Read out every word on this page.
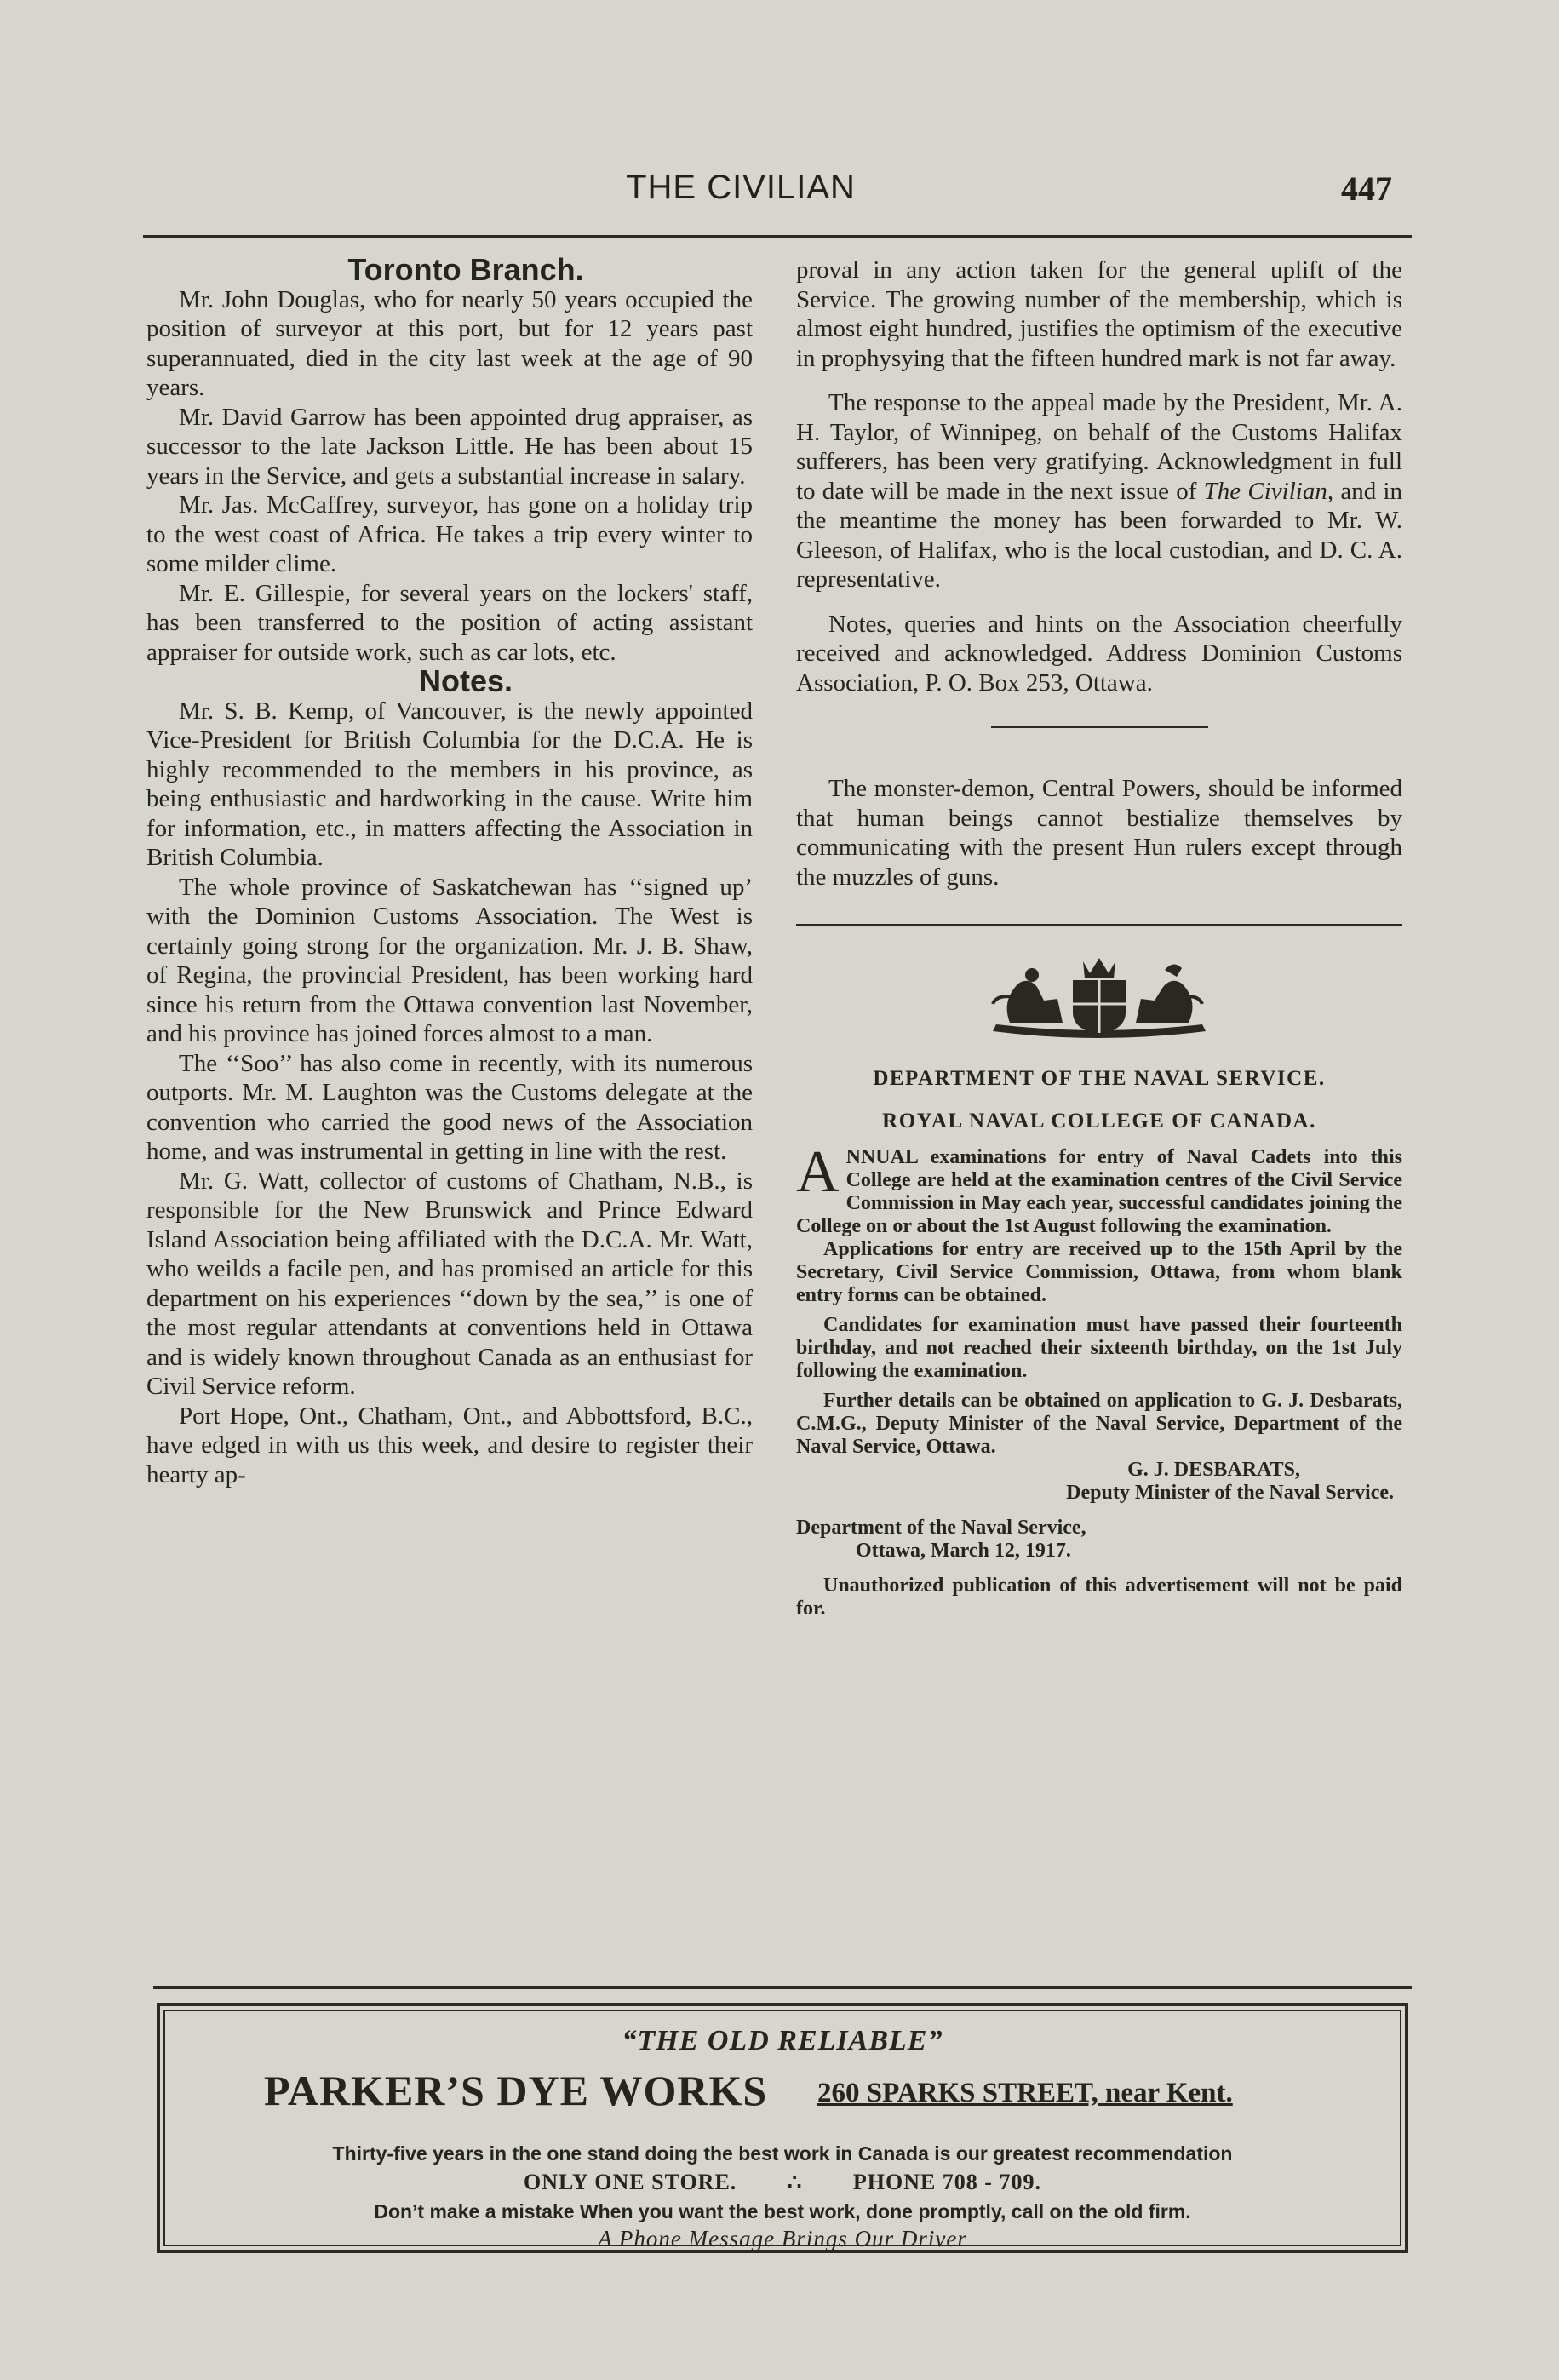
THE CIVILIAN	447

Toronto Branch.

Mr. John Douglas, who for nearly 50 years occupied the position of surveyor at this port, but for 12 years past superannuated, died in the city last week at the age of 90 years.

Mr. David Garrow has been appointed drug appraiser, as successor to the late Jackson Little. He has been about 15 years in the Service, and gets a substantial increase in salary.

Mr. Jas. McCaffrey, surveyor, has gone on a holiday trip to the west coast of Africa. He takes a trip every winter to some milder clime.

Mr. E. Gillespie, for several years on the lockers' staff, has been transferred to the position of acting assistant appraiser for outside work, such as car lots, etc.

Notes.

Mr. S. B. Kemp, of Vancouver, is the newly appointed Vice-President for British Columbia for the D.C.A. He is highly recommended to the members in his province, as being enthusiastic and hardworking in the cause. Write him for information, etc., in matters affecting the Association in British Columbia.

The whole province of Saskatchewan has ‘‘signed up’ with the Dominion Customs Association. The West is certainly going strong for the organization. Mr. J. B. Shaw, of Regina, the provincial President, has been working hard since his return from the Ottawa convention last November, and his province has joined forces almost to a man.

The ‘‘Soo’’ has also come in recently, with its numerous outports. Mr. M. Laughton was the Customs delegate at the convention who carried the good news of the Association home, and was instrumental in getting in line with the rest.

Mr. G. Watt, collector of customs of Chatham, N.B., is responsible for the New Brunswick and Prince Edward Island Association being affiliated with the D.C.A. Mr. Watt, who weilds a facile pen, and has promised an article for this department on his experiences ‘‘down by the sea,’’ is one of the most regular attendants at conventions held in Ottawa and is widely known throughout Canada as an enthusiast for Civil Service reform.

Port Hope, Ont., Chatham, Ont., and Abbottsford, B.C., have edged in with us this week, and desire to register their hearty ap-

proval in any action taken for the general uplift of the Service. The growing number of the membership, which is almost eight hundred, justifies the optimism of the executive in prophysying that the fifteen hundred mark is not far away.

The response to the appeal made by the President, Mr. A. H. Taylor, of Winnipeg, on behalf of the Customs Halifax sufferers, has been very gratifying. Acknowledgment in full to date will be made in the next issue of The Civilian, and in the meantime the money has been forwarded to Mr. W. Gleeson, of Halifax, who is the local custodian, and D. C. A. representative.

Notes, queries and hints on the Association cheerfully received and acknowledged. Address Dominion Customs Association, P. O. Box 253, Ottawa.

The monster-demon, Central Powers, should be informed that human beings cannot bestialize themselves by communicating with the present Hun rulers except through the muzzles of guns.

DEPARTMENT OF THE NAVAL SERVICE.
ROYAL NAVAL COLLEGE OF CANADA.

ANNUAL examinations for entry of Naval Cadets into this College are held at the examination centres of the Civil Service Commission in May each year, successful candidates joining the College on or about the 1st August following the examination.

Applications for entry are received up to the 15th April by the Secretary, Civil Service Commission, Ottawa, from whom blank entry forms can be obtained.

Candidates for examination must have passed their fourteenth birthday, and not reached their sixteenth birthday, on the 1st July following the examination.

Further details can be obtained on application to G. J. Desbarats, C.M.G., Deputy Minister of the Naval Service, Department of the Naval Service, Ottawa.

G. J. DESBARATS,
Deputy Minister of the Naval Service.

Department of the Naval Service,

Ottawa, March 12, 1917.

Unauthorized publication of this advertisement will not be paid for.

“THE OLD RELIABLE”
PARKER’S DYE WORKS 260 SPARKS STREET, near Kent.
Thirty-five years in the one stand doing the best work in Canada is our greatest recommendation
ONLY ONE STORE. ∴ PHONE 708 - 709.
Don’t make a mistake When you want the best work, done promptly, call on the old firm.
A Phone Message Brings Our Driver
